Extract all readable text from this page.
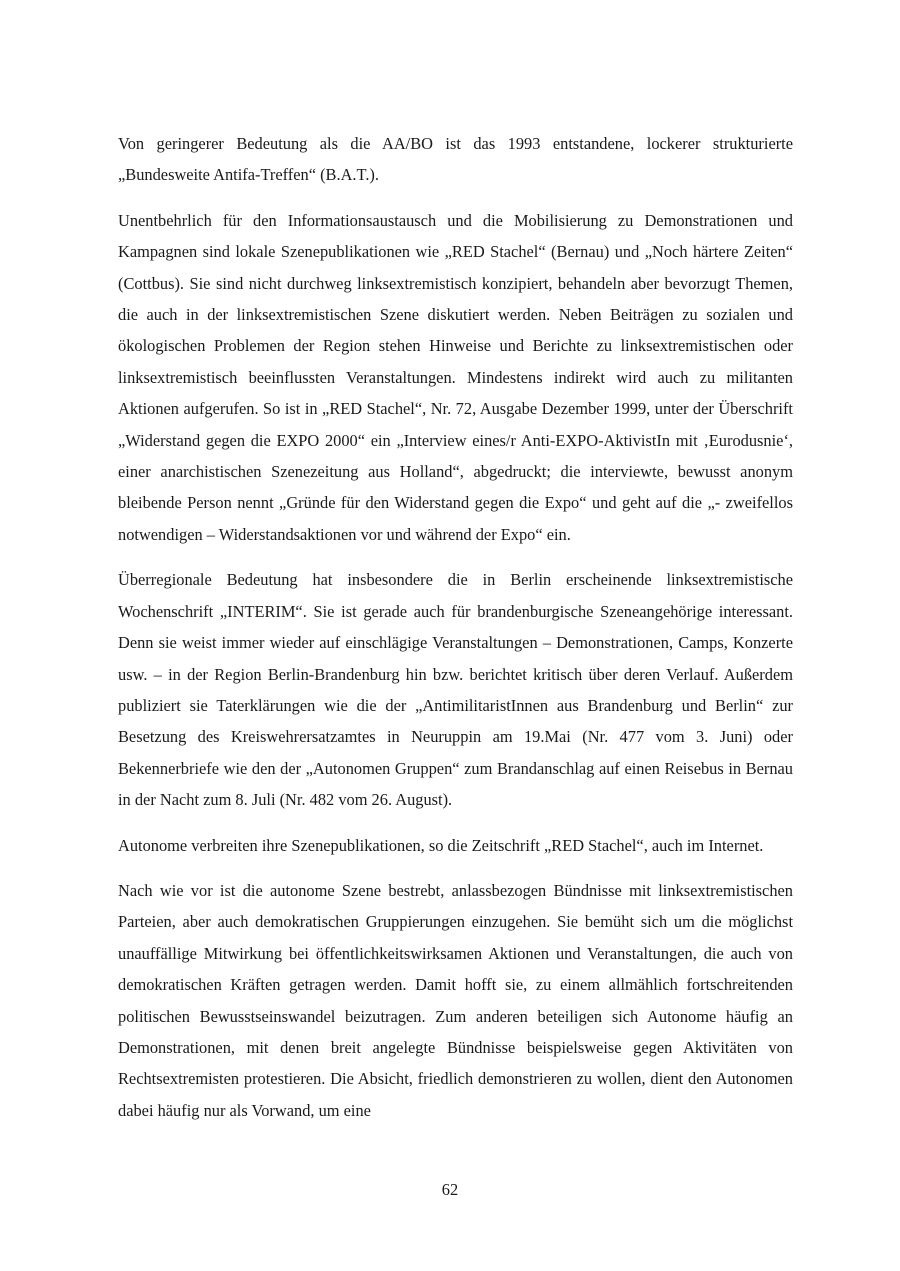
Von geringerer Bedeutung als die AA/BO ist das 1993 entstandene, lockerer strukturierte „Bundesweite Antifa-Treffen“ (B.A.T.).

Unentbehrlich für den Informationsaustausch und die Mobilisierung zu Demonstrationen und Kampagnen sind lokale Szenepublikationen wie „RED Stachel“ (Bernau) und „Noch härtere Zeiten“ (Cottbus). Sie sind nicht durchweg linksextremistisch konzipiert, behandeln aber bevorzugt Themen, die auch in der linksextremistischen Szene diskutiert werden. Neben Beiträgen zu sozialen und ökologischen Problemen der Region stehen Hinweise und Berichte zu linksextremistischen oder linksextremistisch beeinflussten Veranstaltungen. Mindestens indirekt wird auch zu militanten Aktionen aufgerufen. So ist in „RED Stachel“, Nr. 72, Ausgabe Dezember 1999, unter der Überschrift „Widerstand gegen die EXPO 2000“ ein „Interview eines/r Anti-EXPO-AktivistIn mit ‚Eurodusnie‘, einer anarchistischen Szenezeitung aus Holland“, abgedruckt; die interviewte, bewusst anonym bleibende Person nennt „Gründe für den Widerstand gegen die Expo“ und geht auf die „- zweifellos notwendigen – Widerstandsaktionen vor und während der Expo“ ein.

Überregionale Bedeutung hat insbesondere die in Berlin erscheinende linksextremistische Wochenschrift „INTERIM“. Sie ist gerade auch für brandenburgische Szeneangehörige interessant. Denn sie weist immer wieder auf einschlägige Veranstaltungen – Demonstrationen, Camps, Konzerte usw. – in der Region Berlin-Brandenburg hin bzw. berichtet kritisch über deren Verlauf. Außerdem publiziert sie Taterklärungen wie die der „AntimilitaristInnen aus Brandenburg und Berlin“ zur Besetzung des Kreiswehrersatzamtes in Neuruppin am 19.Mai (Nr. 477 vom 3. Juni) oder Bekennerbriefe wie den der „Autonomen Gruppen“ zum Brandanschlag auf einen Reisebus in Bernau in der Nacht zum 8. Juli (Nr. 482 vom 26. August).

Autonome verbreiten ihre Szenepublikationen, so die Zeitschrift „RED Stachel“, auch im Internet.

Nach wie vor ist die autonome Szene bestrebt, anlassbezogen Bündnisse mit linksextremistischen Parteien, aber auch demokratischen Gruppierungen einzugehen. Sie bemüht sich um die möglichst unauffällige Mitwirkung bei öffentlichkeitswirksamen Aktionen und Veranstaltungen, die auch von demokratischen Kräften getragen werden. Damit hofft sie, zu einem allmählich fortschreitenden politischen Bewusstseinswandel beizutragen. Zum anderen beteiligen sich Autonome häufig an Demonstrationen, mit denen breit angelegte Bündnisse beispielsweise gegen Aktivitäten von Rechtsextremisten protestieren. Die Absicht, friedlich demonstrieren zu wollen, dient den Autonomen dabei häufig nur als Vorwand, um eine

62
